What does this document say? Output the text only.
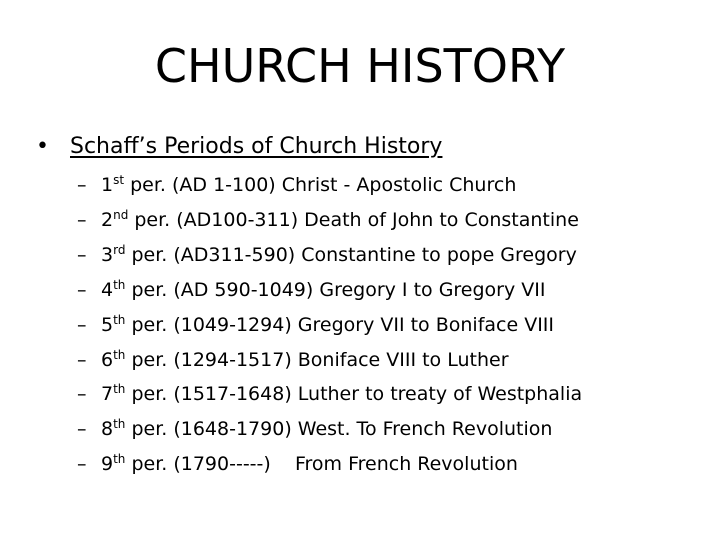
CHURCH HISTORY
• Schaff’s Periods of Church History
– 1st per. (AD 1-100) Christ - Apostolic Church
– 2nd per. (AD100-311) Death of John to Constantine
– 3rd per. (AD311-590) Constantine to pope Gregory
– 4th per. (AD 590-1049) Gregory I to Gregory VII
– 5th per. (1049-1294) Gregory VII to Boniface VIII
– 6th per. (1294-1517) Boniface VIII to Luther
– 7th per. (1517-1648) Luther to treaty of Westphalia
– 8th per. (1648-1790) West. To French Revolution
– 9th per. (1790-----)    From French Revolution
